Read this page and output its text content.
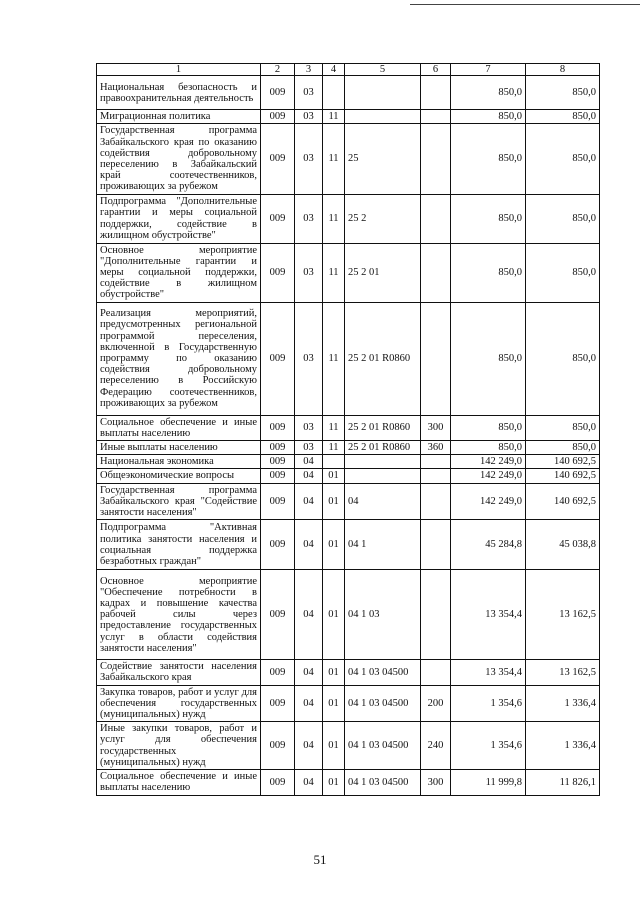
1	2	3	4	5	6	7	8
Национальная безопасность и правоохранительная деятельность	009	03				850,0	850,0
Миграционная политика	009	03	11			850,0	850,0
Государственная программа Забайкальского края по оказанию содействия добровольному переселению в Забайкальский край соотечественников, проживающих за рубежом	009	03	11	25		850,0	850,0
Подпрограмма "Дополнительные гарантии и меры социальной поддержки, содействие в жилищном обустройстве"	009	03	11	25 2		850,0	850,0
Основное мероприятие "Дополнительные гарантии и меры социальной поддержки, содействие в жилищном обустройстве"	009	03	11	25 2 01		850,0	850,0
Реализация мероприятий, предусмотренных региональной программой переселения, включенной в Государственную программу по оказанию содействия добровольному переселению в Российскую Федерацию соотечественников, проживающих за рубежом	009	03	11	25 2 01 R0860		850,0	850,0
Социальное обеспечение и иные выплаты населению	009	03	11	25 2 01 R0860	300	850,0	850,0
Иные выплаты населению	009	03	11	25 2 01 R0860	360	850,0	850,0
Национальная экономика	009	04				142 249,0	140 692,5
Общеэкономические вопросы	009	04	01			142 249,0	140 692,5
Государственная программа Забайкальского края "Содействие занятости населения"	009	04	01	04		142 249,0	140 692,5
Подпрограмма "Активная политика занятости населения и социальная поддержка безработных граждан"	009	04	01	04 1		45 284,8	45 038,8
Основное мероприятие "Обеспечение потребности в кадрах и повышение качества рабочей силы через предоставление государственных услуг в области содействия занятости населения"	009	04	01	04 1 03		13 354,4	13 162,5
Содействие занятости населения Забайкальского края	009	04	01	04 1 03 04500		13 354,4	13 162,5
Закупка товаров, работ и услуг для обеспечения государственных (муниципальных) нужд	009	04	01	04 1 03 04500	200	1 354,6	1 336,4
Иные закупки товаров, работ и услуг для обеспечения государственных (муниципальных) нужд	009	04	01	04 1 03 04500	240	1 354,6	1 336,4
Социальное обеспечение и иные выплаты населению	009	04	01	04 1 03 04500	300	11 999,8	11 826,1
51
